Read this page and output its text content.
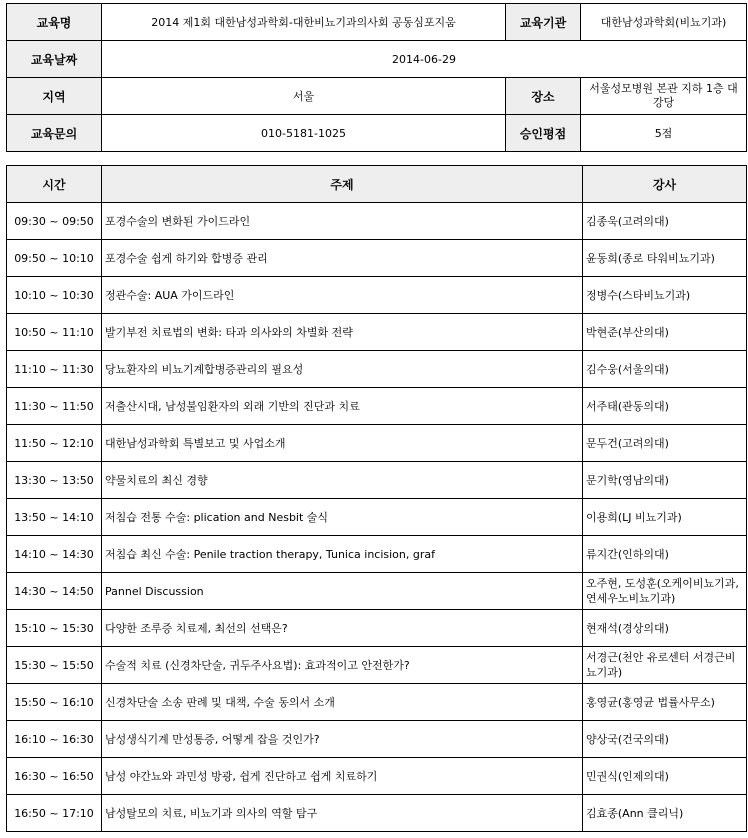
교육명	2014 제1회 대한남성과학회-대한비뇨기과의사회 공동심포지움	교육기관	대한남성과학회(비뇨기과)
교육날짜	2014-06-29		
지역	서울	장소	서울성모병원 본관 지하 1층 대강당
교육문의	010-5181-1025	승인평점	5점
시간	주제	강사
09:30 ~ 09:50	포경수술의 변화된 가이드라인	김종욱(고려의대)
09:50 ~ 10:10	포경수술 쉽게 하기와 합병증 관리	윤동희(종로 타워비뇨기과)
10:10 ~ 10:30	정관수술: AUA 가이드라인	정병수(스타비뇨기과)
10:50 ~ 11:10	발기부전 치료법의 변화: 타과 의사와의 차별화 전략	박현준(부산의대)
11:10 ~ 11:30	당뇨환자의 비뇨기계합병증관리의 필요성	김수웅(서울의대)
11:30 ~ 11:50	저출산시대, 남성불임환자의 외래 기반의 진단과 치료	서주태(관동의대)
11:50 ~ 12:10	대한남성과학회 특별보고 및 사업소개	문두건(고려의대)
13:30 ~ 13:50	약물치료의 최신 경향	문기학(영남의대)
13:50 ~ 14:10	저침습 전통 수술: plication and Nesbit 술식	이용희(LJ 비뇨기과)
14:10 ~ 14:30	저침습 최신 수술: Penile traction therapy, Tunica incision, graf	류지간(인하의대)
14:30 ~ 14:50	Pannel Discussion	오주현, 도성훈(오케이비뇨기과, 연세우노비뇨기과)
15:10 ~ 15:30	다양한 조루증 치료제, 최선의 선택은?	현재석(경상의대)
15:30 ~ 15:50	수술적 치료 (신경차단술, 귀두주사요법): 효과적이고 안전한가?	서경근(천안 유로센터 서경근비뇨기과)
15:50 ~ 16:10	신경차단술 소송 판례 및 대책, 수술 동의서 소개	홍영균(홍영균 법률사무소)
16:10 ~ 16:30	남성생식기계 만성통증, 어떻게 잡을 것인가?	양상국(건국의대)
16:30 ~ 16:50	남성 야간뇨와 과민성 방광, 쉽게 진단하고 쉽게 치료하기	민권식(인제의대)
16:50 ~ 17:10	남성탈모의 치료, 비뇨기과 의사의 역할 탐구	김효종(Ann 클리닉)
